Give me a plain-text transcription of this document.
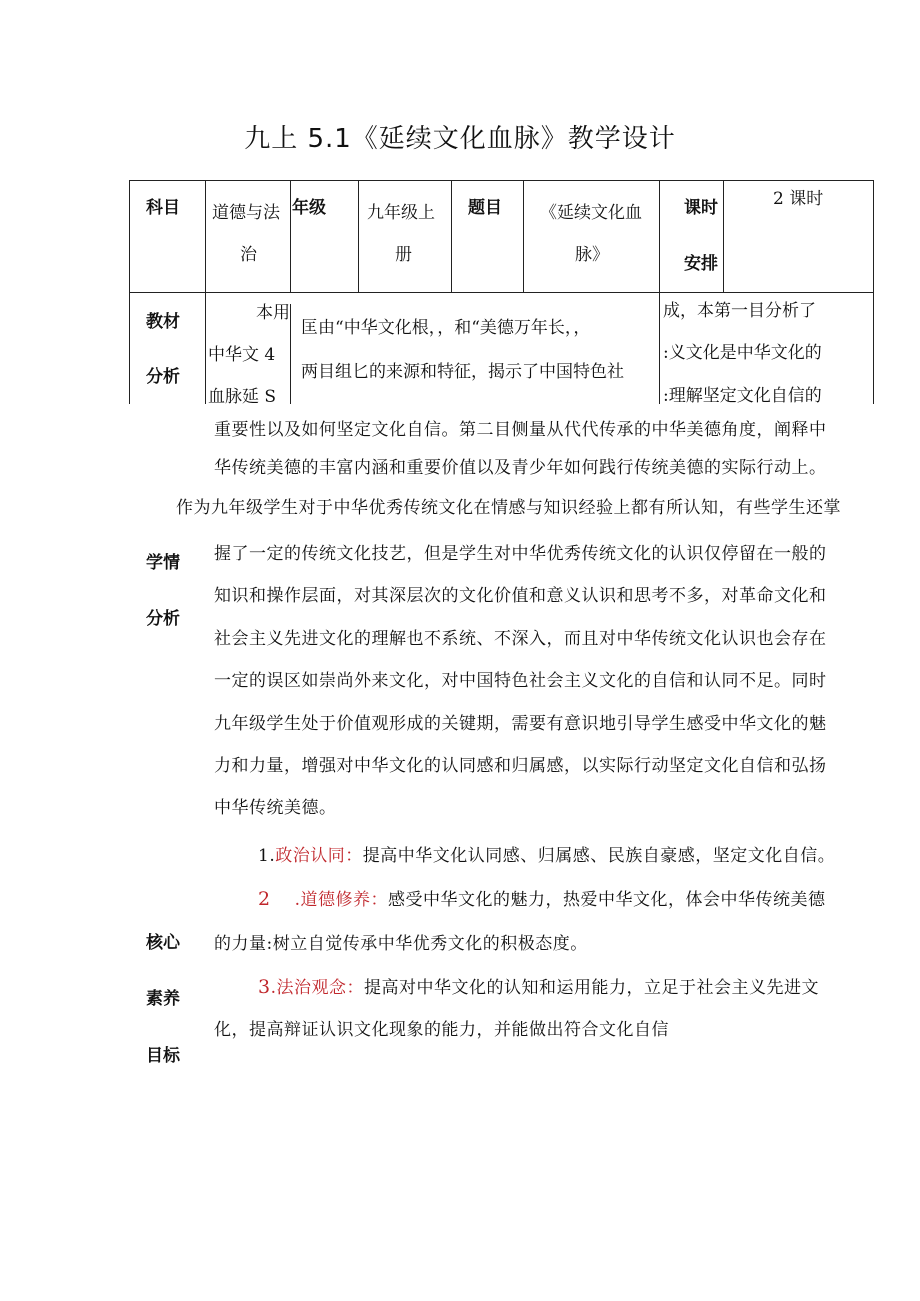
九上 5.1《延续文化血脉》教学设计
科目 道德与法
治
年级 九年级上
册
题目 《延续文化血
脉》
课时
安排
2 课时
教材
分析
本用
中华文 4
血脉延 S
匡由“中华文化根，，和“美德万年长，，
两目组匕的来源和特征，揭示了中国特色社
成，本第一目分析了
:义文化是中华文化的
:理解坚定文化自信的
重要性以及如何坚定文化自信。第二目侧量从代代传承的中华美德角度，阐释中
华传统美德的丰富内涵和重要价值以及青少年如何践行传统美德的实际行动上。
学情
分析
作为九年级学生对于中华优秀传统文化在情感与知识经验上都有所认知，有些学生还掌
握了一定的传统文化技艺，但是学生对中华优秀传统文化的认识仅停留在一般的
知识和操作层面，对其深层次的文化价值和意义认识和思考不多，对革命文化和
社会主义先进文化的理解也不系统、不深入，而且对中华传统文化认识也会存在
一定的误区如崇尚外来文化，对中国特色社会主义文化的自信和认同不足。同时
九年级学生处于价值观形成的关键期，需要有意识地引导学生感受中华文化的魅
力和力量，增强对中华文化的认同感和归属感，以实际行动坚定文化自信和弘扬
中华传统美德。
核心
素养
目标
1.政治认同：提高中华文化认同感、归属感、民族自豪感，坚定文化自信。
2 .道德修养：感受中华文化的魅力，热爱中华文化，体会中华传统美德
的力量:树立自觉传承中华优秀文化的积极态度。
3.法治观念：提高对中华文化的认知和运用能力，立足于社会主义先进文
化，提高辩证认识文化现象的能力，并能做出符合文化自信
